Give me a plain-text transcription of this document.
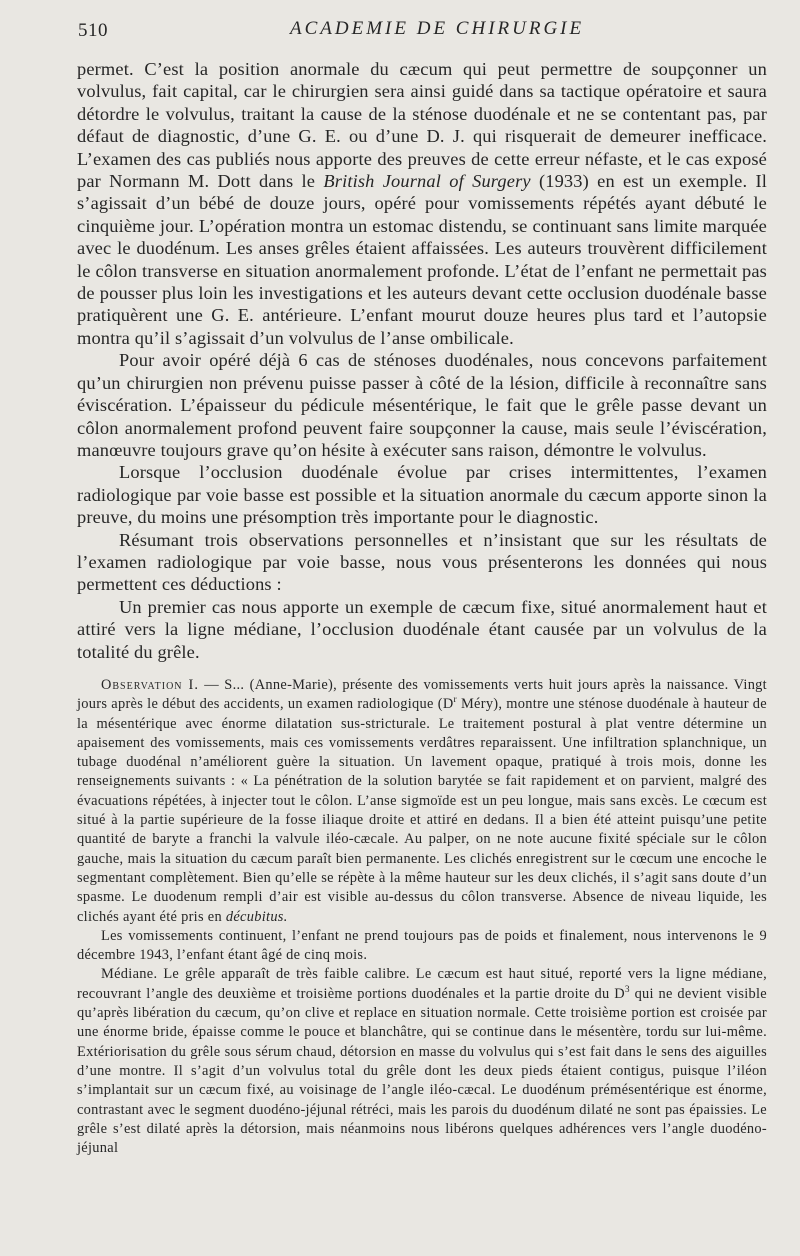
510	ACADEMIE DE CHIRURGIE

permet. C’est la position anormale du cæcum qui peut permettre de soupçonner un volvulus, fait capital, car le chirurgien sera ainsi guidé dans sa tactique opératoire et saura détordre le volvulus, traitant la cause de la sténose duodénale et ne se contentant pas, par défaut de diagnostic, d’une G. E. ou d’une D. J. qui risquerait de demeurer inefficace. L’examen des cas publiés nous apporte des preuves de cette erreur néfaste, et le cas exposé par Normann M. Dott dans le British Journal of Surgery (1933) en est un exemple. Il s’agissait d’un bébé de douze jours, opéré pour vomissements répétés ayant débuté le cinquième jour. L’opération montra un estomac distendu, se continuant sans limite marquée avec le duodénum. Les anses grêles étaient affaissées. Les auteurs trouvèrent difficilement le côlon transverse en situation anormalement profonde. L’état de l’enfant ne permettait pas de pousser plus loin les investigations et les auteurs devant cette occlusion duodénale basse pratiquèrent une G. E. antérieure. L’enfant mourut douze heures plus tard et l’autopsie montra qu’il s’agissait d’un volvulus de l’anse ombilicale.

Pour avoir opéré déjà 6 cas de sténoses duodénales, nous concevons parfaitement qu’un chirurgien non prévenu puisse passer à côté de la lésion, difficile à reconnaître sans éviscération. L’épaisseur du pédicule mésentérique, le fait que le grêle passe devant un côlon anormalement profond peuvent faire soupçonner la cause, mais seule l’éviscération, manœuvre toujours grave qu’on hésite à exécuter sans raison, démontre le volvulus.

Lorsque l’occlusion duodénale évolue par crises intermittentes, l’examen radiologique par voie basse est possible et la situation anormale du cæcum apporte sinon la preuve, du moins une présomption très importante pour le diagnostic.

Résumant trois observations personnelles et n’insistant que sur les résultats de l’examen radiologique par voie basse, nous vous présenterons les données qui nous permettent ces déductions :

Un premier cas nous apporte un exemple de cæcum fixe, situé anormalement haut et attiré vers la ligne médiane, l’occlusion duodénale étant causée par un volvulus de la totalité du grêle.

Observation I. — S... (Anne-Marie), présente des vomissements verts huit jours après la naissance. Vingt jours après le début des accidents, un examen radiologique ($D^r$ Méry), montre une sténose duodénale à hauteur de la mésentérique avec énorme dilatation sus-stricturale. Le traitement postural à plat ventre détermine un apaisement des vomissements, mais ces vomissements verdâtres reparaissent. Une infiltration splanchnique, un tubage duodénal n’améliorent guère la situation. Un lavement opaque, pratiqué à trois mois, donne les renseignements suivants : « La pénétration de la solution barytée se fait rapidement et on parvient, malgré des évacuations répétées, à injecter tout le côlon. L’anse sigmoïde est un peu longue, mais sans excès. Le cœcum est situé à la partie supérieure de la fosse iliaque droite et attiré en dedans. Il a bien été atteint puisqu’une petite quantité de baryte a franchi la valvule iléo-cæcale. Au palper, on ne note aucune fixité spéciale sur le côlon gauche, mais la situation du cæcum paraît bien permanente. Les clichés enregistrent sur le cœcum une encoche le segmentant complètement. Bien qu’elle se répète à la même hauteur sur les deux clichés, il s’agit sans doute d’un spasme. Le duodenum rempli d’air est visible au-dessus du côlon transverse. Absence de niveau liquide, les clichés ayant été pris en décubitus.

Les vomissements continuent, l’enfant ne prend toujours pas de poids et finalement, nous intervenons le 9 décembre 1943, l’enfant étant âgé de cinq mois.

Médiane. Le grêle apparaît de très faible calibre. Le cæcum est haut situé, reporté vers la ligne médiane, recouvrant l’angle des deuxième et troisième portions duodénales et la partie droite du $D^3$ qui ne devient visible qu’après libération du cæcum, qu’on clive et replace en situation normale. Cette troisième portion est croisée par une énorme bride, épaisse comme le pouce et blanchâtre, qui se continue dans le mésentère, tordu sur lui-même. Extériorisation du grêle sous sérum chaud, détorsion en masse du volvulus qui s’est fait dans le sens des aiguilles d’une montre. Il s’agit d’un volvulus total du grêle dont les deux pieds étaient contigus, puisque l’iléon s’implantait sur un cæcum fixé, au voisinage de l’angle iléo-cæcal. Le duodénum prémésentérique est énorme, contrastant avec le segment duodéno-jéjunal rétréci, mais les parois du duodénum dilaté ne sont pas épaissies. Le grêle s’est dilaté après la détorsion, mais néanmoins nous libérons quelques adhérences vers l’angle duodéno-jéjunal
